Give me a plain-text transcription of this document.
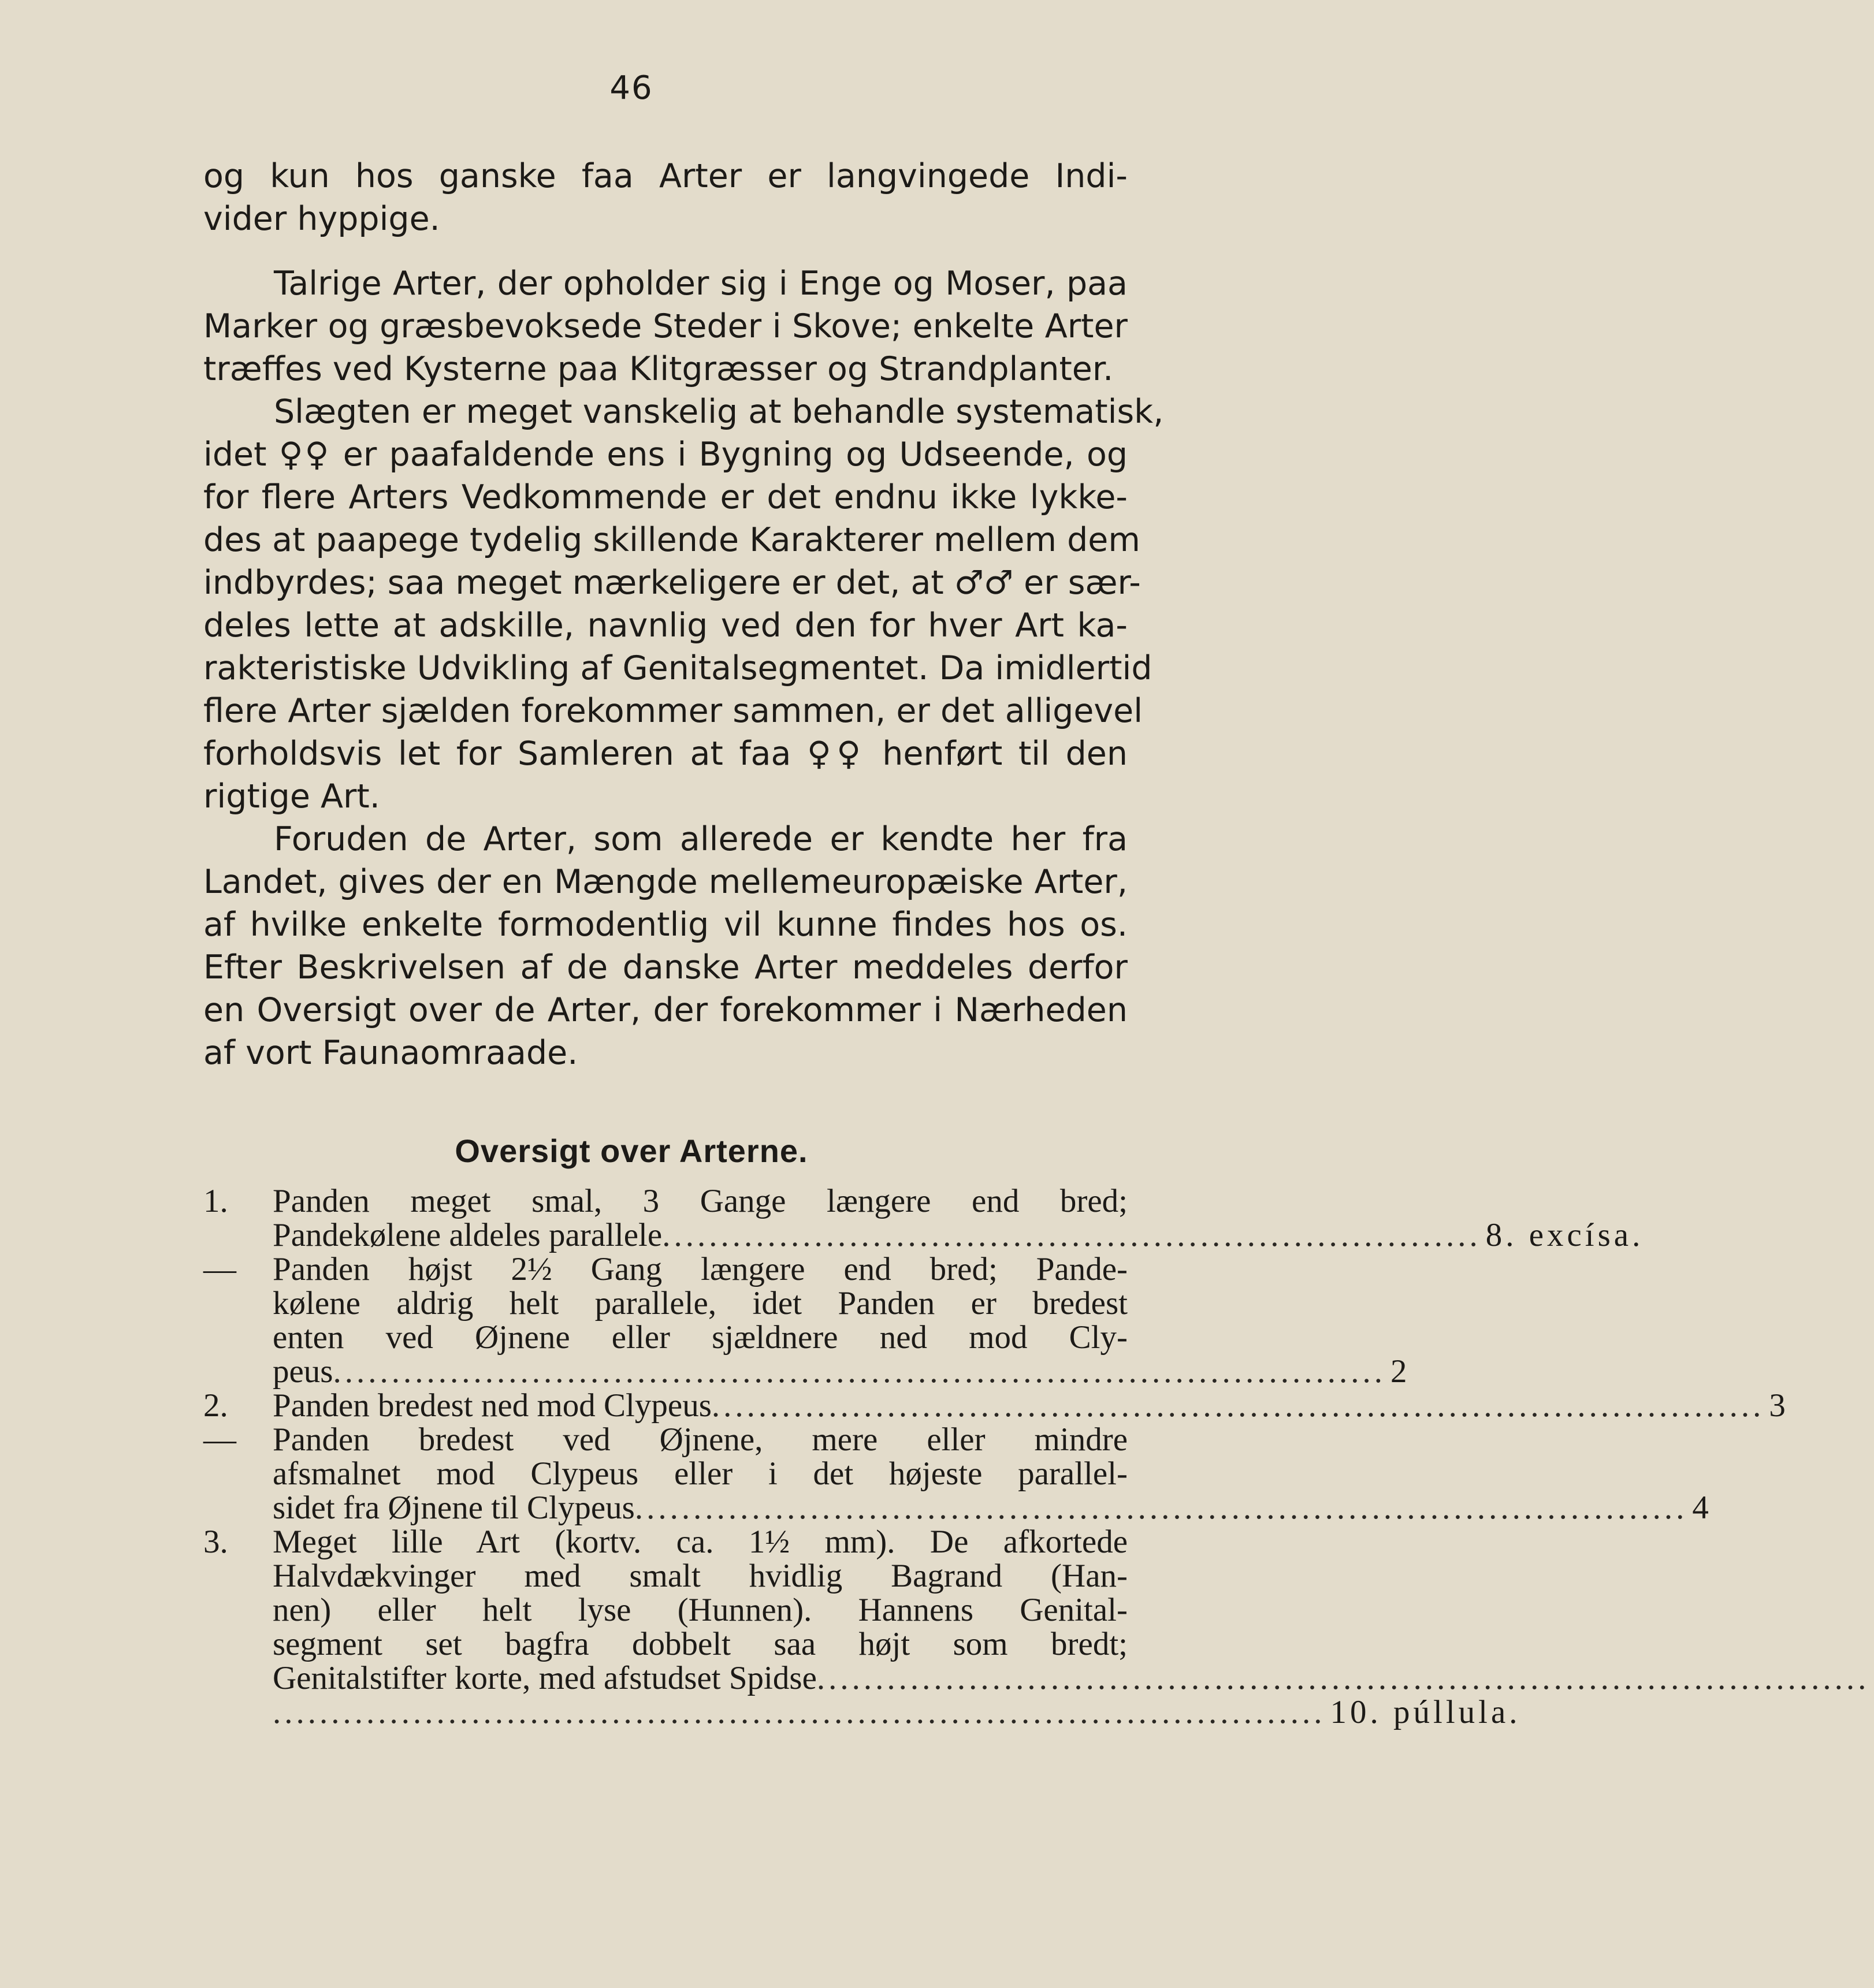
46
og kun hos ganske faa Arter er langvingede Indi-
vider hyppige.
Talrige Arter, der opholder sig i Enge og Moser, paa
Marker og græsbevoksede Steder i Skove; enkelte Arter
træffes ved Kysterne paa Klitgræsser og Strandplanter.
Slægten er meget vanskelig at behandle systematisk,
idet ♀♀ er paafaldende ens i Bygning og Udseende, og
for flere Arters Vedkommende er det endnu ikke lykke-
des at paapege tydelig skillende Karakterer mellem dem
indbyrdes; saa meget mærkeligere er det, at ♂♂ er sær-
deles lette at adskille, navnlig ved den for hver Art ka-
rakteristiske Udvikling af Genitalsegmentet. Da imidlertid
flere Arter sjælden forekommer sammen, er det alligevel
forholdsvis let for Samleren at faa ♀♀ henført til den
rigtige Art.
Foruden de Arter, som allerede er kendte her fra
Landet, gives der en Mængde mellemeuropæiske Arter,
af hvilke enkelte formodentlig vil kunne findes hos os.
Efter Beskrivelsen af de danske Arter meddeles derfor
en Oversigt over de Arter, der forekommer i Nærheden
af vort Faunaomraade.
Oversigt over Arterne.
1.	Panden meget smal, 3 Gange længere end bred;
Pandekølene aldeles parallele ...................................................................... 8. excísa.
—	Panden højst 2½ Gang længere end bred; Pande-
kølene aldrig helt parallele, idet Panden er bredest
enten ved Øjnene eller sjældnere ned mod Cly-
peus .......................................................................................... 2
2.	Panden bredest ned mod Clypeus .......................................................................................... 3
—	Panden bredest ved Øjnene, mere eller mindre
afsmalnet mod Clypeus eller i det højeste parallel-
sidet fra Øjnene til Clypeus .......................................................................................... 4
3.	Meget lille Art (kortv. ca. 1½ mm). De afkortede
Halvdækvinger med smalt hvidlig Bagrand (Han-
nen) eller helt lyse (Hunnen). Hannens Genital-
segment set bagfra dobbelt saa højt som bredt;
Genitalstifter korte, med afstudset Spidse ..........................................................................................
.......................................................................................... 10. púllula.
